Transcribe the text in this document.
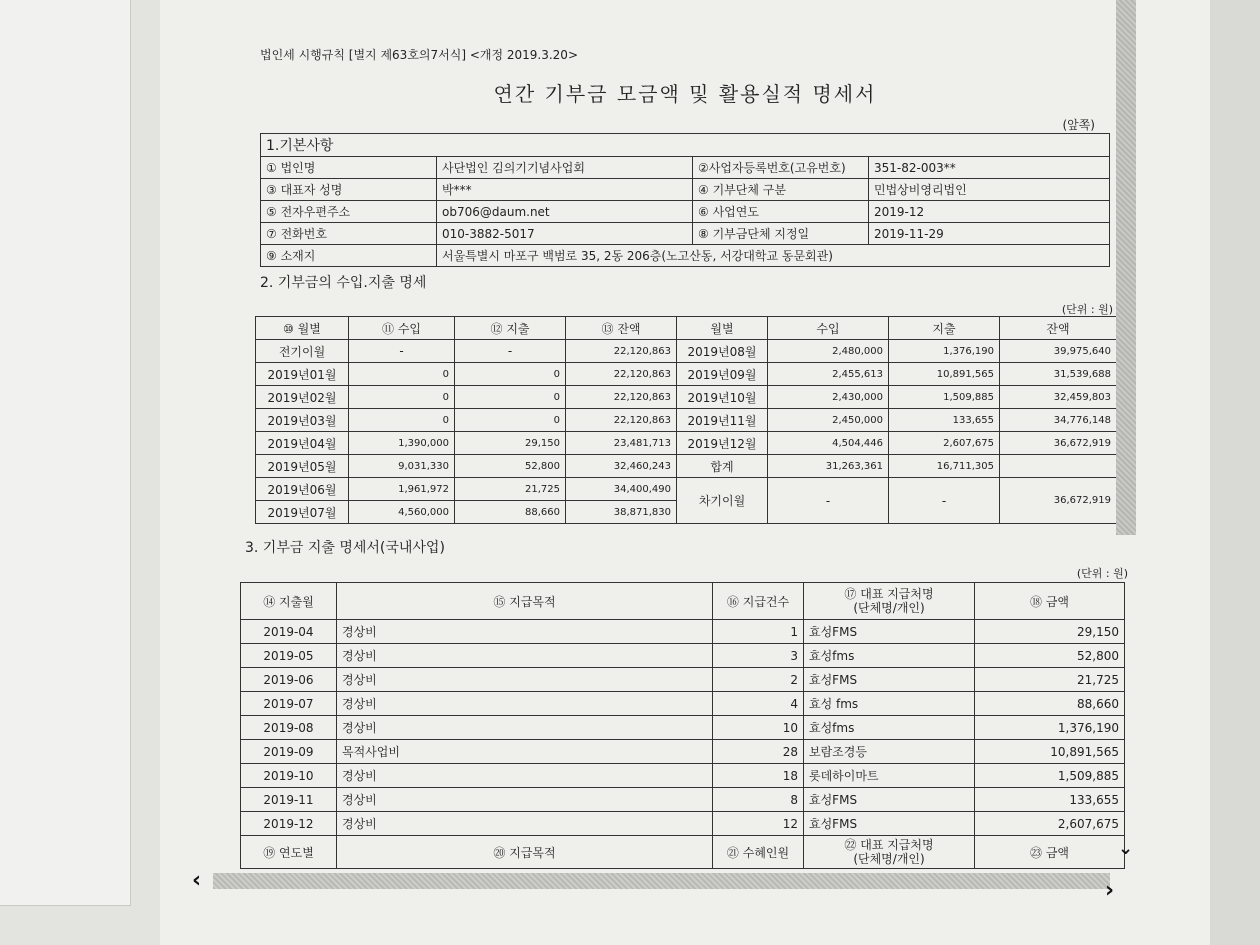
법인세 시행규칙 [별지 제63호의7서식] <개정 2019.3.20>
연간 기부금 모금액 및 활용실적 명세서
(앞쪽)
1.기본사항			
① 법인명	사단법인 김의기기념사업회	②사업자등록번호(고유번호)	351-82-003**
③ 대표자 성명	박***	④ 기부단체 구분	민법상비영리법인
⑤ 전자우편주소	ob706@daum.net	⑥ 사업연도	2019-12
⑦ 전화번호	010-3882-5017	⑧ 기부금단체 지정일	2019-11-29
⑨ 소재지	서울특별시 마포구 백범로 35, 2동 206층(노고산동, 서강대학교 동문회관)		
2. 기부금의 수입.지출 명세
(단위 : 원)
⑩ 월별	⑪ 수입	⑫ 지출	⑬ 잔액	월별	수입	지출	잔액
전기이월	-	-	22,120,863	2019년08월	2,480,000	1,376,190	39,975,640
2019년01월	0	0	22,120,863	2019년09월	2,455,613	10,891,565	31,539,688
2019년02월	0	0	22,120,863	2019년10월	2,430,000	1,509,885	32,459,803
2019년03월	0	0	22,120,863	2019년11월	2,450,000	133,655	34,776,148
2019년04월	1,390,000	29,150	23,481,713	2019년12월	4,504,446	2,607,675	36,672,919
2019년05월	9,031,330	52,800	32,460,243	합계	31,263,361	16,711,305	
2019년06월	1,961,972	21,725	34,400,490	차기이월	-	-	36,672,919
2019년07월	4,560,000	88,660	38,871,830				
3. 기부금 지출 명세서(국내사업)
(단위 : 원)
⑭ 지출월	⑮ 지급목적	⑯ 지급건수	⑰ 대표 지급처명
(단체명/개인)	⑱ 금액
2019-04	경상비	1	효성FMS	29,150
2019-05	경상비	3	효성fms	52,800
2019-06	경상비	2	효성FMS	21,725
2019-07	경상비	4	효성 fms	88,660
2019-08	경상비	10	효성fms	1,376,190
2019-09	목적사업비	28	보람조경등	10,891,565
2019-10	경상비	18	롯데하이마트	1,509,885
2019-11	경상비	8	효성FMS	133,655
2019-12	경상비	12	효성FMS	2,607,675
⑲ 연도별	⑳ 지급목적	㉑ 수혜인원	㉒ 대표 지급처명
(단체명/개인)	㉓ 금액
‹	›
⌄
